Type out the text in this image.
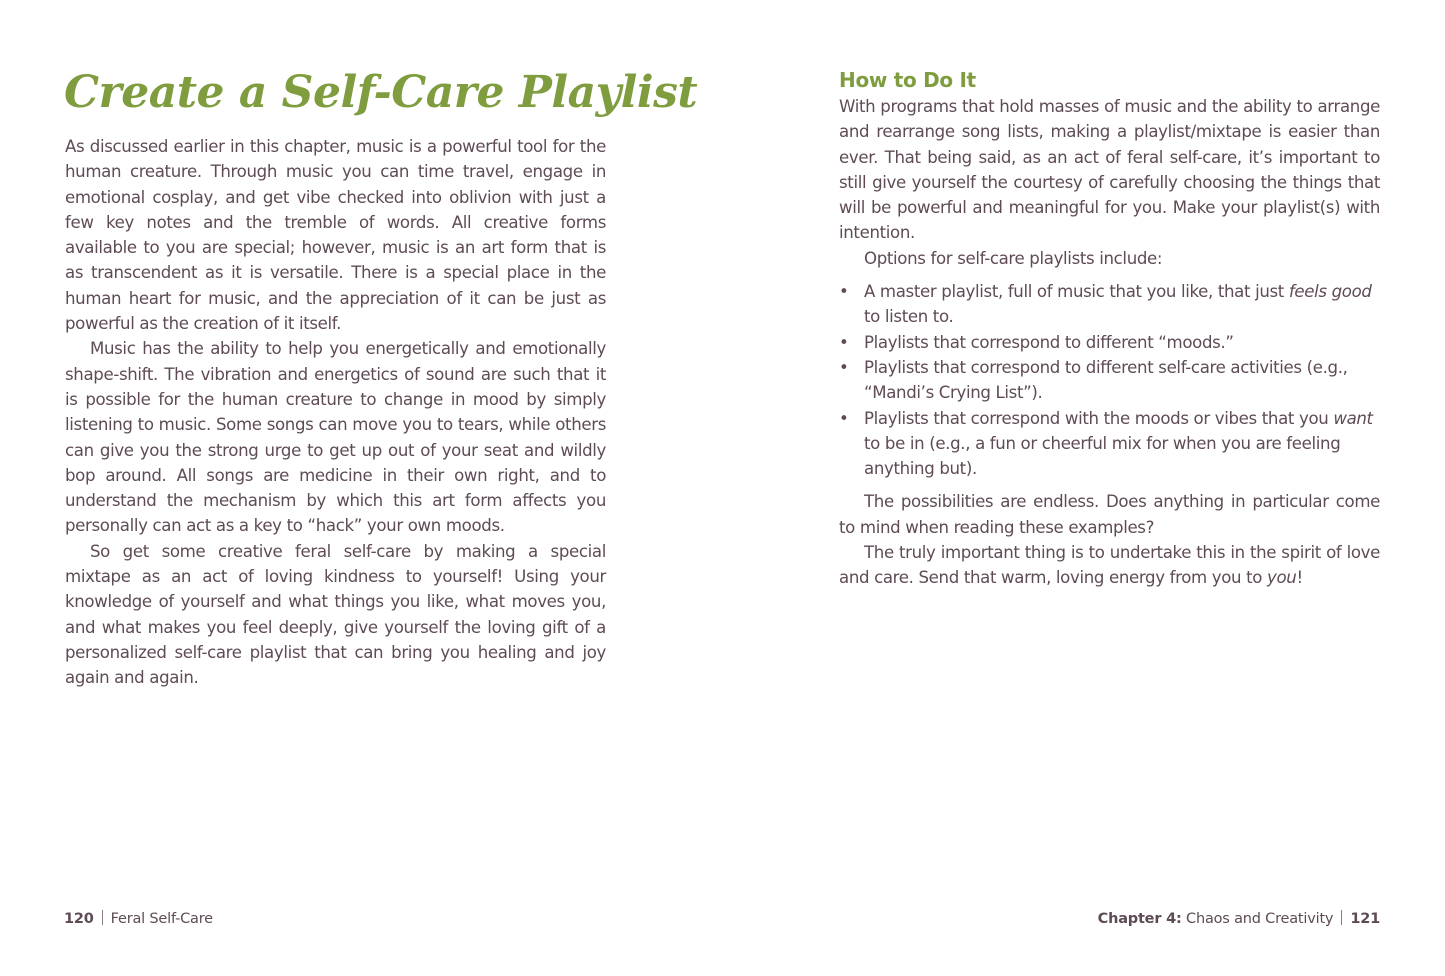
Create a Self-Care Playlist

As discussed earlier in this chapter, music is a powerful tool for the human creature. Through music you can time travel, engage in emotional cosplay, and get vibe checked into oblivion with just a few key notes and the tremble of words. All creative forms available to you are special; however, music is an art form that is as transcendent as it is versatile. There is a special place in the human heart for music, and the appreciation of it can be just as powerful as the creation of it itself.

Music has the ability to help you energetically and emotionally shape-shift. The vibration and energetics of sound are such that it is possible for the human creature to change in mood by simply listening to music. Some songs can move you to tears, while others can give you the strong urge to get up out of your seat and wildly bop around. All songs are medicine in their own right, and to understand the mechanism by which this art form affects you personally can act as a key to “hack” your own moods.

So get some creative feral self-care by making a special mixtape as an act of loving kindness to yourself! Using your knowledge of yourself and what things you like, what moves you, and what makes you feel deeply, give yourself the loving gift of a personalized self-care playlist that can bring you healing and joy again and again.

120 Feral Self-Care
How to Do It

With programs that hold masses of music and the ability to arrange and rearrange song lists, making a playlist/mixtape is easier than ever. That being said, as an act of feral self-care, it’s important to still give yourself the courtesy of carefully choosing the things that will be powerful and meaningful for you. Make your playlist(s) with intention.

Options for self-care playlists include:

• A master playlist, full of music that you like, that just feels good to listen to.
• Playlists that correspond to different “moods.”
• Playlists that correspond to different self-care activities (e.g., “Mandi’s Crying List”).
• Playlists that correspond with the moods or vibes that you want to be in (e.g., a fun or cheerful mix for when you are feeling anything but).

The possibilities are endless. Does anything in particular come to mind when reading these examples?

The truly important thing is to undertake this in the spirit of love and care. Send that warm, loving energy from you to you!

Chapter 4: Chaos and Creativity 121
